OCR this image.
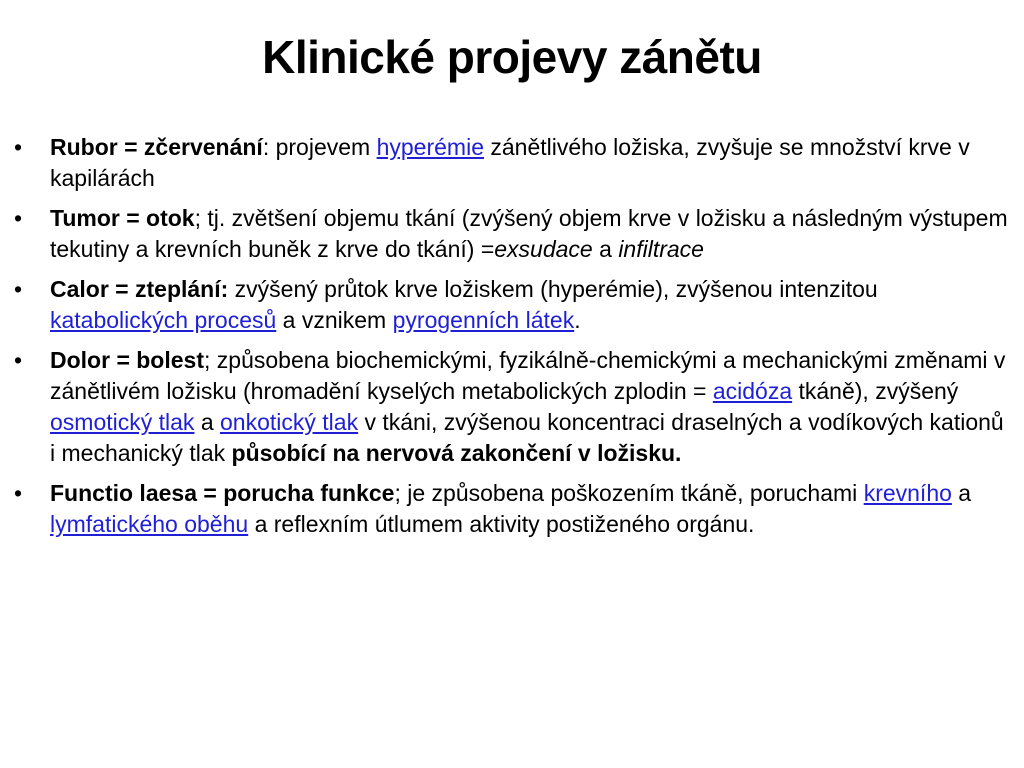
Klinické projevy zánětu
• Rubor = zčervenání: projevem hyperémie zánětlivého ložiska, zvyšuje se množství krve v kapilárách
• Tumor = otok; tj. zvětšení objemu tkání (zvýšený objem krve v ložisku a následným výstupem tekutiny a krevních buněk z krve do tkání) =exsudace a infiltrace
• Calor = zteplání: zvýšený průtok krve ložiskem (hyperémie), zvýšenou intenzitou katabolických procesů a vznikem pyrogenních látek.
• Dolor = bolest; způsobena biochemickými, fyzikálně-chemickými a mechanickými změnami v zánětlivém ložisku (hromadění kyselých metabolických zplodin = acidóza tkáně), zvýšený osmotický tlak a onkotický tlak v tkáni, zvýšenou koncentraci draselných a vodíkových kationů i mechanický tlak působící na nervová zakončení v ložisku.
• Functio laesa = porucha funkce; je způsobena poškozením tkáně, poruchami krevního a lymfatického oběhu a reflexním útlumem aktivity postiženého orgánu.
